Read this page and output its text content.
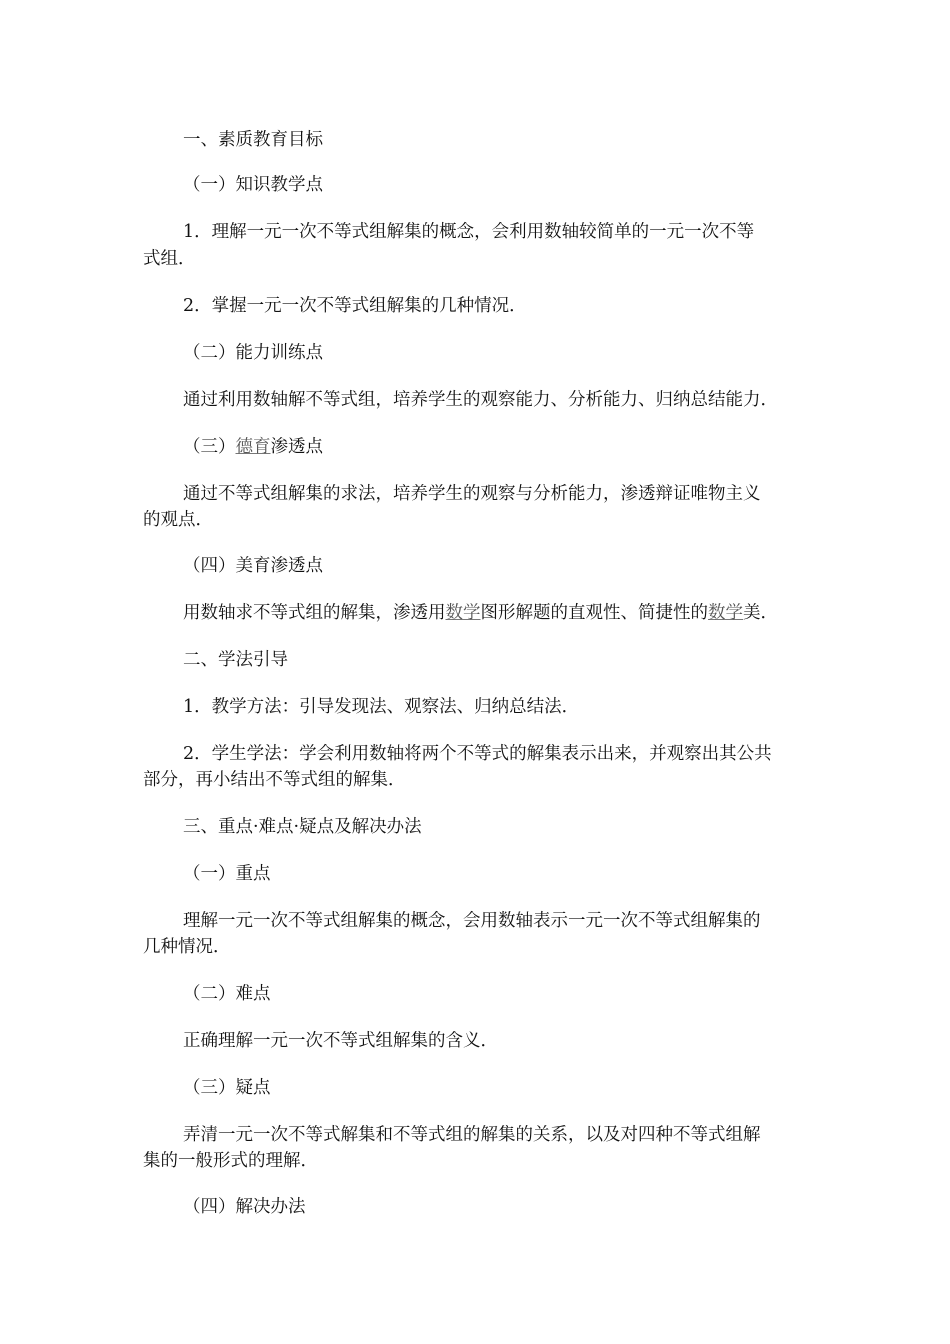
一、素质教育目标
（一）知识教学点
1．理解一元一次不等式组解集的概念，会利用数轴较简单的一元一次不等
式组．
2．掌握一元一次不等式组解集的几种情况．
（二）能力训练点
通过利用数轴解不等式组，培养学生的观察能力、分析能力、归纳总结能力．
（三）德育渗透点
通过不等式组解集的求法，培养学生的观察与分析能力，渗透辩证唯物主义
的观点．
（四）美育渗透点
用数轴求不等式组的解集，渗透用数学图形解题的直观性、简捷性的数学美．
二、学法引导
1．教学方法：引导发现法、观察法、归纳总结法．
2．学生学法：学会利用数轴将两个不等式的解集表示出来，并观察出其公共
部分，再小结出不等式组的解集．
三、重点·难点·疑点及解决办法
（一）重点
理解一元一次不等式组解集的概念，会用数轴表示一元一次不等式组解集的
几种情况．
（二）难点
正确理解一元一次不等式组解集的含义．
（三）疑点
弄清一元一次不等式解集和不等式组的解集的关系，以及对四种不等式组解
集的一般形式的理解．
（四）解决办法
